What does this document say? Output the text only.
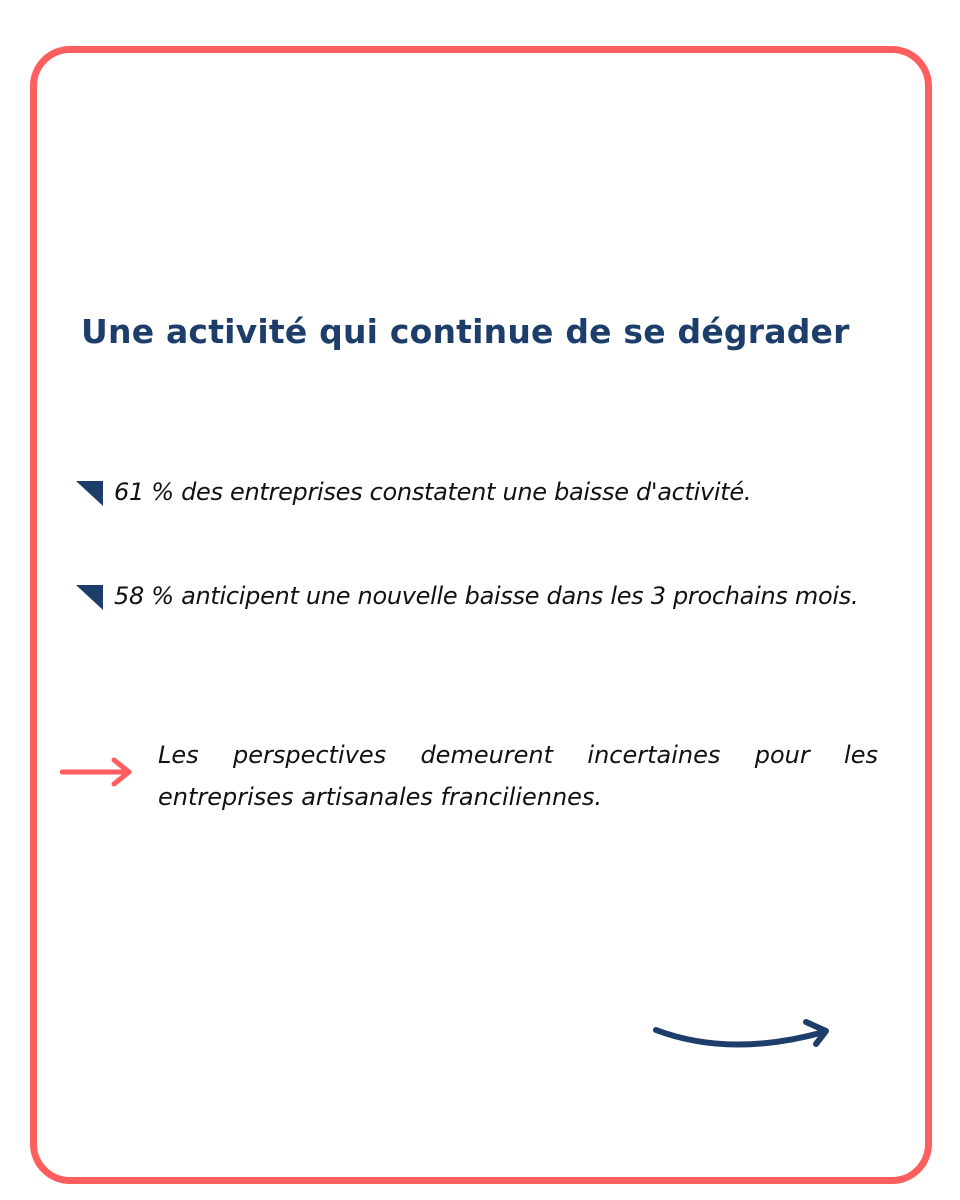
Une activité qui continue de se dégrader
61 % des entreprises constatent une baisse d'activité.
58 % anticipent une nouvelle baisse dans les 3 prochains mois.

Les perspectives demeurent incertaines pour les entreprises artisanales franciliennes.
